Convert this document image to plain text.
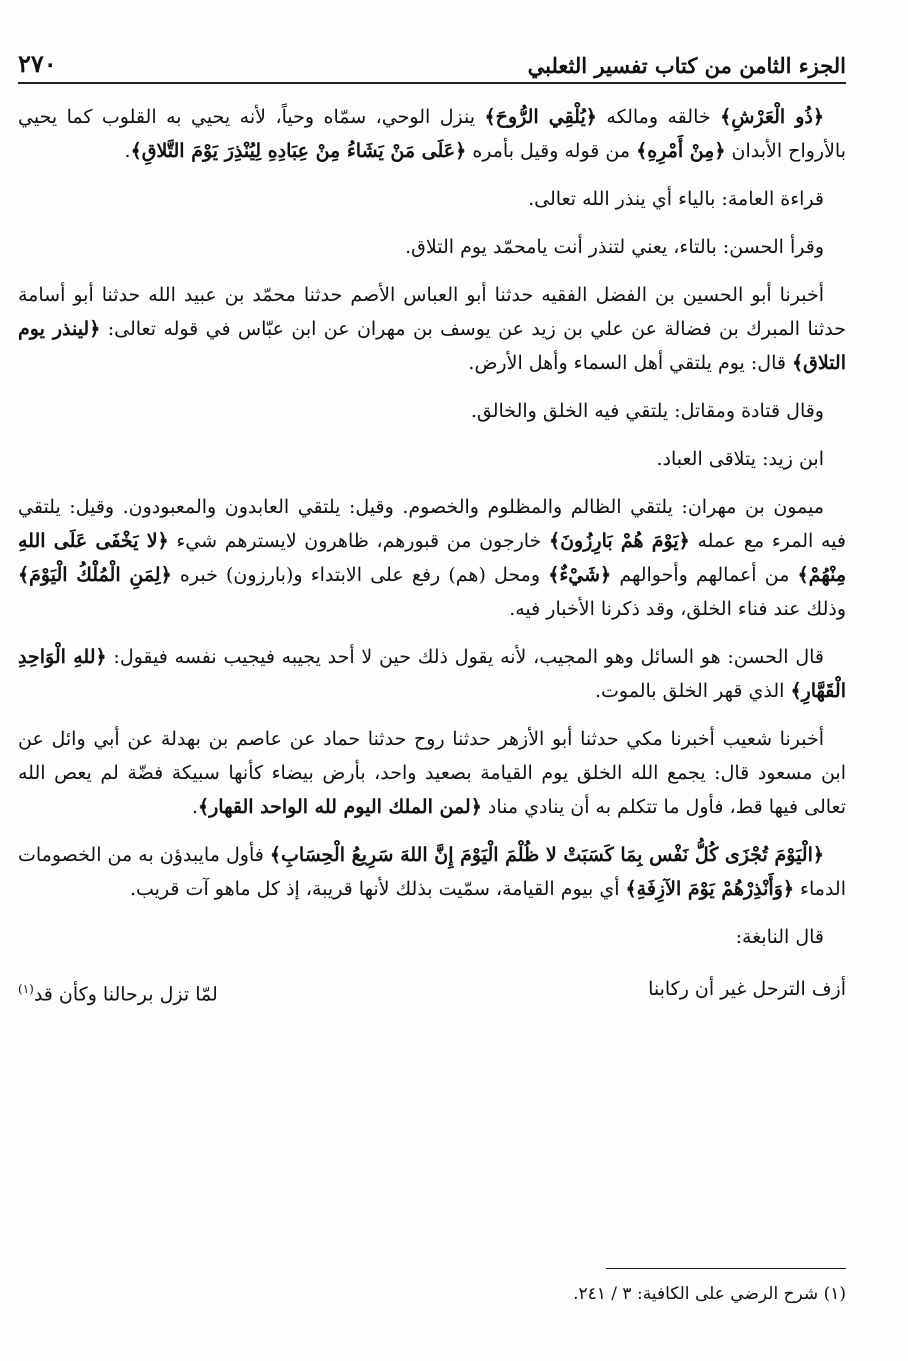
الجزء الثامن من كتاب تفسير الثعلبي
٢٧٠

﴿ذُو الْعَرْشِ﴾ خالقه ومالكه ﴿يُلْقِي الرُّوحَ﴾ ينزل الوحي، سمّاه وحياً، لأنه يحيي به القلوب كما يحيي بالأرواح الأبدان ﴿مِنْ أَمْرِهِ﴾ من قوله وقيل بأمره ﴿عَلَى مَنْ يَشَاءُ مِنْ عِبَادِهِ لِيُنْذِرَ يَوْمَ التَّلاقِ﴾.

قراءة العامة: بالياء أي ينذر الله تعالى.

وقرأ الحسن: بالتاء، يعني لتنذر أنت يامحمّد يوم التلاق.

أخبرنا أبو الحسين بن الفضل الفقيه حدثنا أبو العباس الأصم حدثنا محمّد بن عبيد الله حدثنا أبو أسامة حدثنا المبرك بن فضالة عن علي بن زيد عن يوسف بن مهران عن ابن عبّاس في قوله تعالى: ﴿لينذر يوم التلاق﴾ قال: يوم يلتقي أهل السماء وأهل الأرض.

وقال قتادة ومقاتل: يلتقي فيه الخلق والخالق.

ابن زيد: يتلاقى العباد.

ميمون بن مهران: يلتقي الظالم والمظلوم والخصوم. وقيل: يلتقي العابدون والمعبودون. وقيل: يلتقي فيه المرء مع عمله ﴿يَوْمَ هُمْ بَارِزُونَ﴾ خارجون من قبورهم، ظاهرون لايسترهم شيء ﴿لا يَخْفَى عَلَى اللهِ مِنْهُمْ﴾ من أعمالهم وأحوالهم ﴿شَيْءٌ﴾ ومحل (هم) رفع على الابتداء و(بارزون) خبره ﴿لِمَنِ الْمُلْكُ الْيَوْمَ﴾ وذلك عند فناء الخلق، وقد ذكرنا الأخبار فيه.

قال الحسن: هو السائل وهو المجيب، لأنه يقول ذلك حين لا أحد يجيبه فيجيب نفسه فيقول: ﴿للهِ الْوَاحِدِ الْقَهَّارِ﴾ الذي قهر الخلق بالموت.

أخبرنا شعيب أخبرنا مكي حدثنا أبو الأزهر حدثنا روح حدثنا حماد عن عاصم بن بهدلة عن أبي وائل عن ابن مسعود قال: يجمع الله الخلق يوم القيامة بصعيد واحد، بأرض بيضاء كأنها سبيكة فضّة لم يعص الله تعالى فيها قط، فأول ما تتكلم به أن ينادي مناد ﴿لمن الملك اليوم لله الواحد القهار﴾.

﴿الْيَوْمَ تُجْزَى كُلُّ نَفْس بِمَا كَسَبَتْ لا ظُلْمَ الْيَوْمَ إِنَّ اللهَ سَرِيعُ الْحِسَابِ﴾ فأول مايبدؤن به من الخصومات الدماء ﴿وَأَنْذِرْهُمْ يَوْمَ الآزِفَةِ﴾ أي بيوم القيامة، سمّيت بذلك لأنها قريبة، إذ كل ماهو آت قريب.

قال النابغة:

أزف الترحل غير أن ركابنا
لمّا تزل برحالنا وكأن قد$^{(١)}$
(١) شرح الرضي على الكافية: ٣ / ٢٤١.
